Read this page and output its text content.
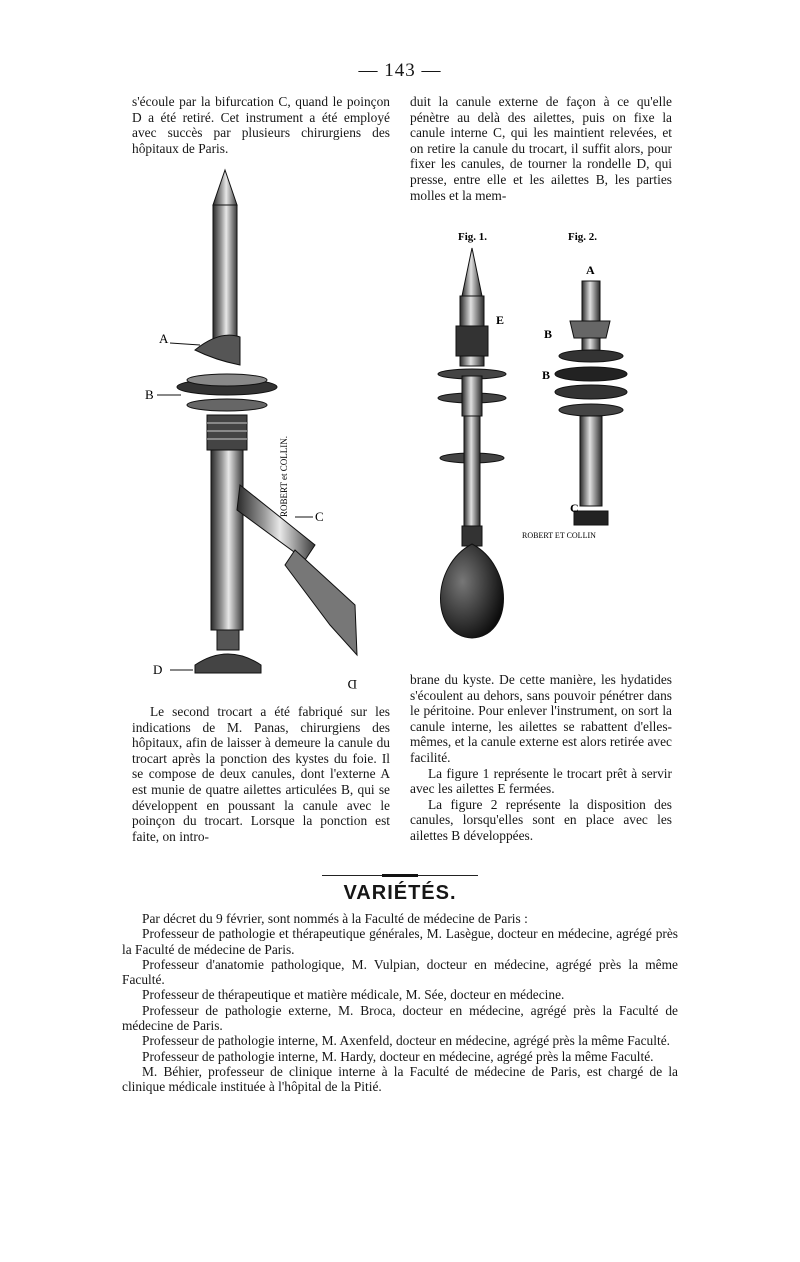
— 143 —

s'écoule par la bifurcation C, quand le poinçon D a été retiré. Cet instrument a été employé avec succès par plusieurs chirurgiens des hôpitaux de Paris.

duit la canule externe de façon à ce qu'elle pénètre au delà des ailettes, puis on fixe la canule interne C, qui les maintient relevées, et on retire la canule du trocart, il suffit alors, pour fixer les canules, de tourner la rondelle D, qui presse, entre elle et les ailettes B, les parties molles et la mem-

A
B
C
D
D
ROBERT et COLLIN.
Fig. 1.	Fig. 2.
E
A
B
B
C
ROBERT ET COLLIN

Le second trocart a été fabriqué sur les indications de M. Panas, chirurgiens des hôpitaux, afin de laisser à demeure la canule du trocart après la ponction des kystes du foie. Il se compose de deux canules, dont l'externe A est munie de quatre ailettes articulées B, qui se développent en poussant la canule avec le poinçon du trocart. Lorsque la ponction est faite, on intro-

brane du kyste. De cette manière, les hydatides s'écoulent au dehors, sans pouvoir pénétrer dans le péritoine. Pour enlever l'instrument, on sort la canule interne, les ailettes se rabattent d'elles-mêmes, et la canule externe est alors retirée avec facilité.

La figure 1 représente le trocart prêt à servir avec les ailettes E fermées.

La figure 2 représente la disposition des canules, lorsqu'elles sont en place avec les ailettes B développées.

VARIÉTÉS.

Par décret du 9 février, sont nommés à la Faculté de médecine de Paris :

Professeur de pathologie et thérapeutique générales, M. Lasègue, docteur en médecine, agrégé près la Faculté de médecine de Paris.

Professeur d'anatomie pathologique, M. Vulpian, docteur en médecine, agrégé près la même Faculté.

Professeur de thérapeutique et matière médicale, M. Sée, docteur en médecine.

Professeur de pathologie externe, M. Broca, docteur en médecine, agrégé près la Faculté de médecine de Paris.

Professeur de pathologie interne, M. Axenfeld, docteur en médecine, agrégé près la même Faculté.

Professeur de pathologie interne, M. Hardy, docteur en médecine, agrégé près la même Faculté.

M. Béhier, professeur de clinique interne à la Faculté de médecine de Paris, est chargé de la clinique médicale instituée à l'hôpital de la Pitié.
